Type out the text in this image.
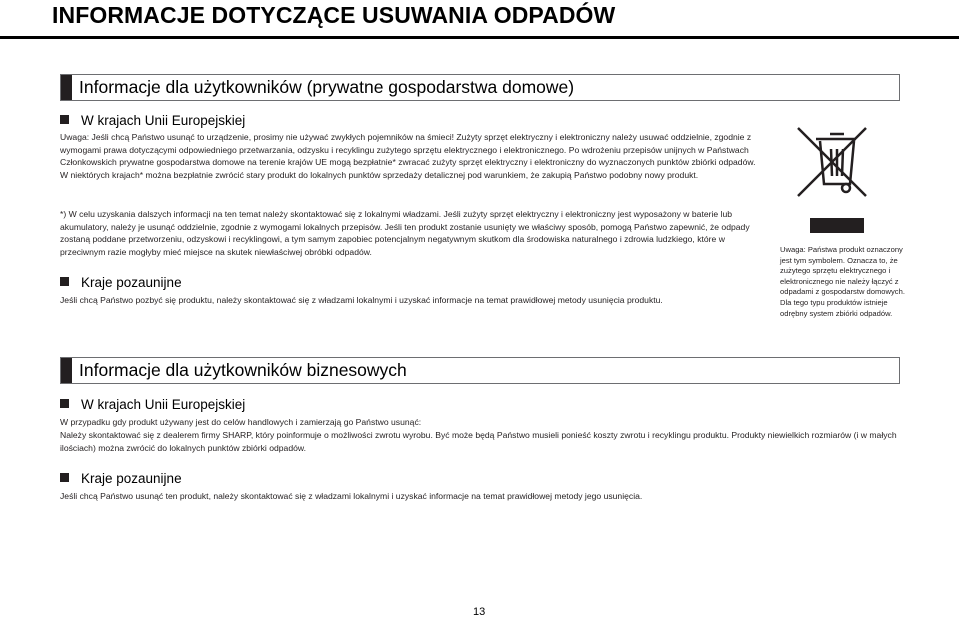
INFORMACJE DOTYCZĄCE USUWANIA ODPADÓW
Informacje dla użytkowników (prywatne gospodarstwa domowe)
W krajach Unii Europejskiej
Uwaga: Jeśli chcą Państwo usunąć to urządzenie, prosimy nie używać zwykłych pojemników na śmieci! Zużyty sprzęt elektryczny i elektroniczny należy usuwać oddzielnie, zgodnie z wymogami prawa dotyczącymi odpowiedniego przetwarzania, odzysku i recyklingu zużytego sprzętu elektrycznego i elektronicznego. Po wdrożeniu przepisów unijnych w Państwach Członkowskich prywatne gospodarstwa domowe na terenie krajów UE mogą bezpłatnie* zwracać zużyty sprzęt elektryczny i elektroniczny do wyznaczonych punktów zbiórki odpadów. W niektórych krajach* można bezpłatnie zwrócić stary produkt do lokalnych punktów sprzedaży detalicznej pod warunkiem, że zakupią Państwo podobny nowy produkt.
*) W celu uzyskania dalszych informacji na ten temat należy skontaktować się z lokalnymi władzami. Jeśli zużyty sprzęt elektryczny i elektroniczny jest wyposażony w baterie lub akumulatory, należy je usunąć oddzielnie, zgodnie z wymogami lokalnych przepisów. Jeśli ten produkt zostanie usunięty we właściwy sposób, pomogą Państwo zapewnić, że odpady zostaną poddane przetworzeniu, odzyskowi i recyklingowi, a tym samym zapobiec potencjalnym negatywnym skutkom dla środowiska naturalnego i zdrowia ludzkiego, które w przeciwnym razie mogłyby mieć miejsce na skutek niewłaściwej obróbki odpadów.
Kraje pozaunijne
Jeśli chcą Państwo pozbyć się produktu, należy skontaktować się z władzami lokalnymi i uzyskać informacje na temat prawidłowej metody usunięcia produktu.
Uwaga: Państwa produkt oznaczony jest tym symbolem. Oznacza to, że zużytego sprzętu elektrycznego i elektronicznego nie należy łączyć z odpadami z gospodarstw domowych. Dla tego typu produktów istnieje odrębny system zbiórki odpadów.
Informacje dla użytkowników biznesowych
W krajach Unii Europejskiej
W przypadku gdy produkt używany jest do celów handlowych i zamierzają go Państwo usunąć:
Należy skontaktować się z dealerem firmy SHARP, który poinformuje o możliwości zwrotu wyrobu. Być może będą Państwo musieli ponieść koszty zwrotu i recyklingu produktu. Produkty niewielkich rozmiarów (i w małych ilościach) można zwrócić do lokalnych punktów zbiórki odpadów.
Kraje pozaunijne
Jeśli chcą Państwo usunąć ten produkt, należy skontaktować się z władzami lokalnymi i uzyskać informacje na temat prawidłowej metody jego usunięcia.
13
